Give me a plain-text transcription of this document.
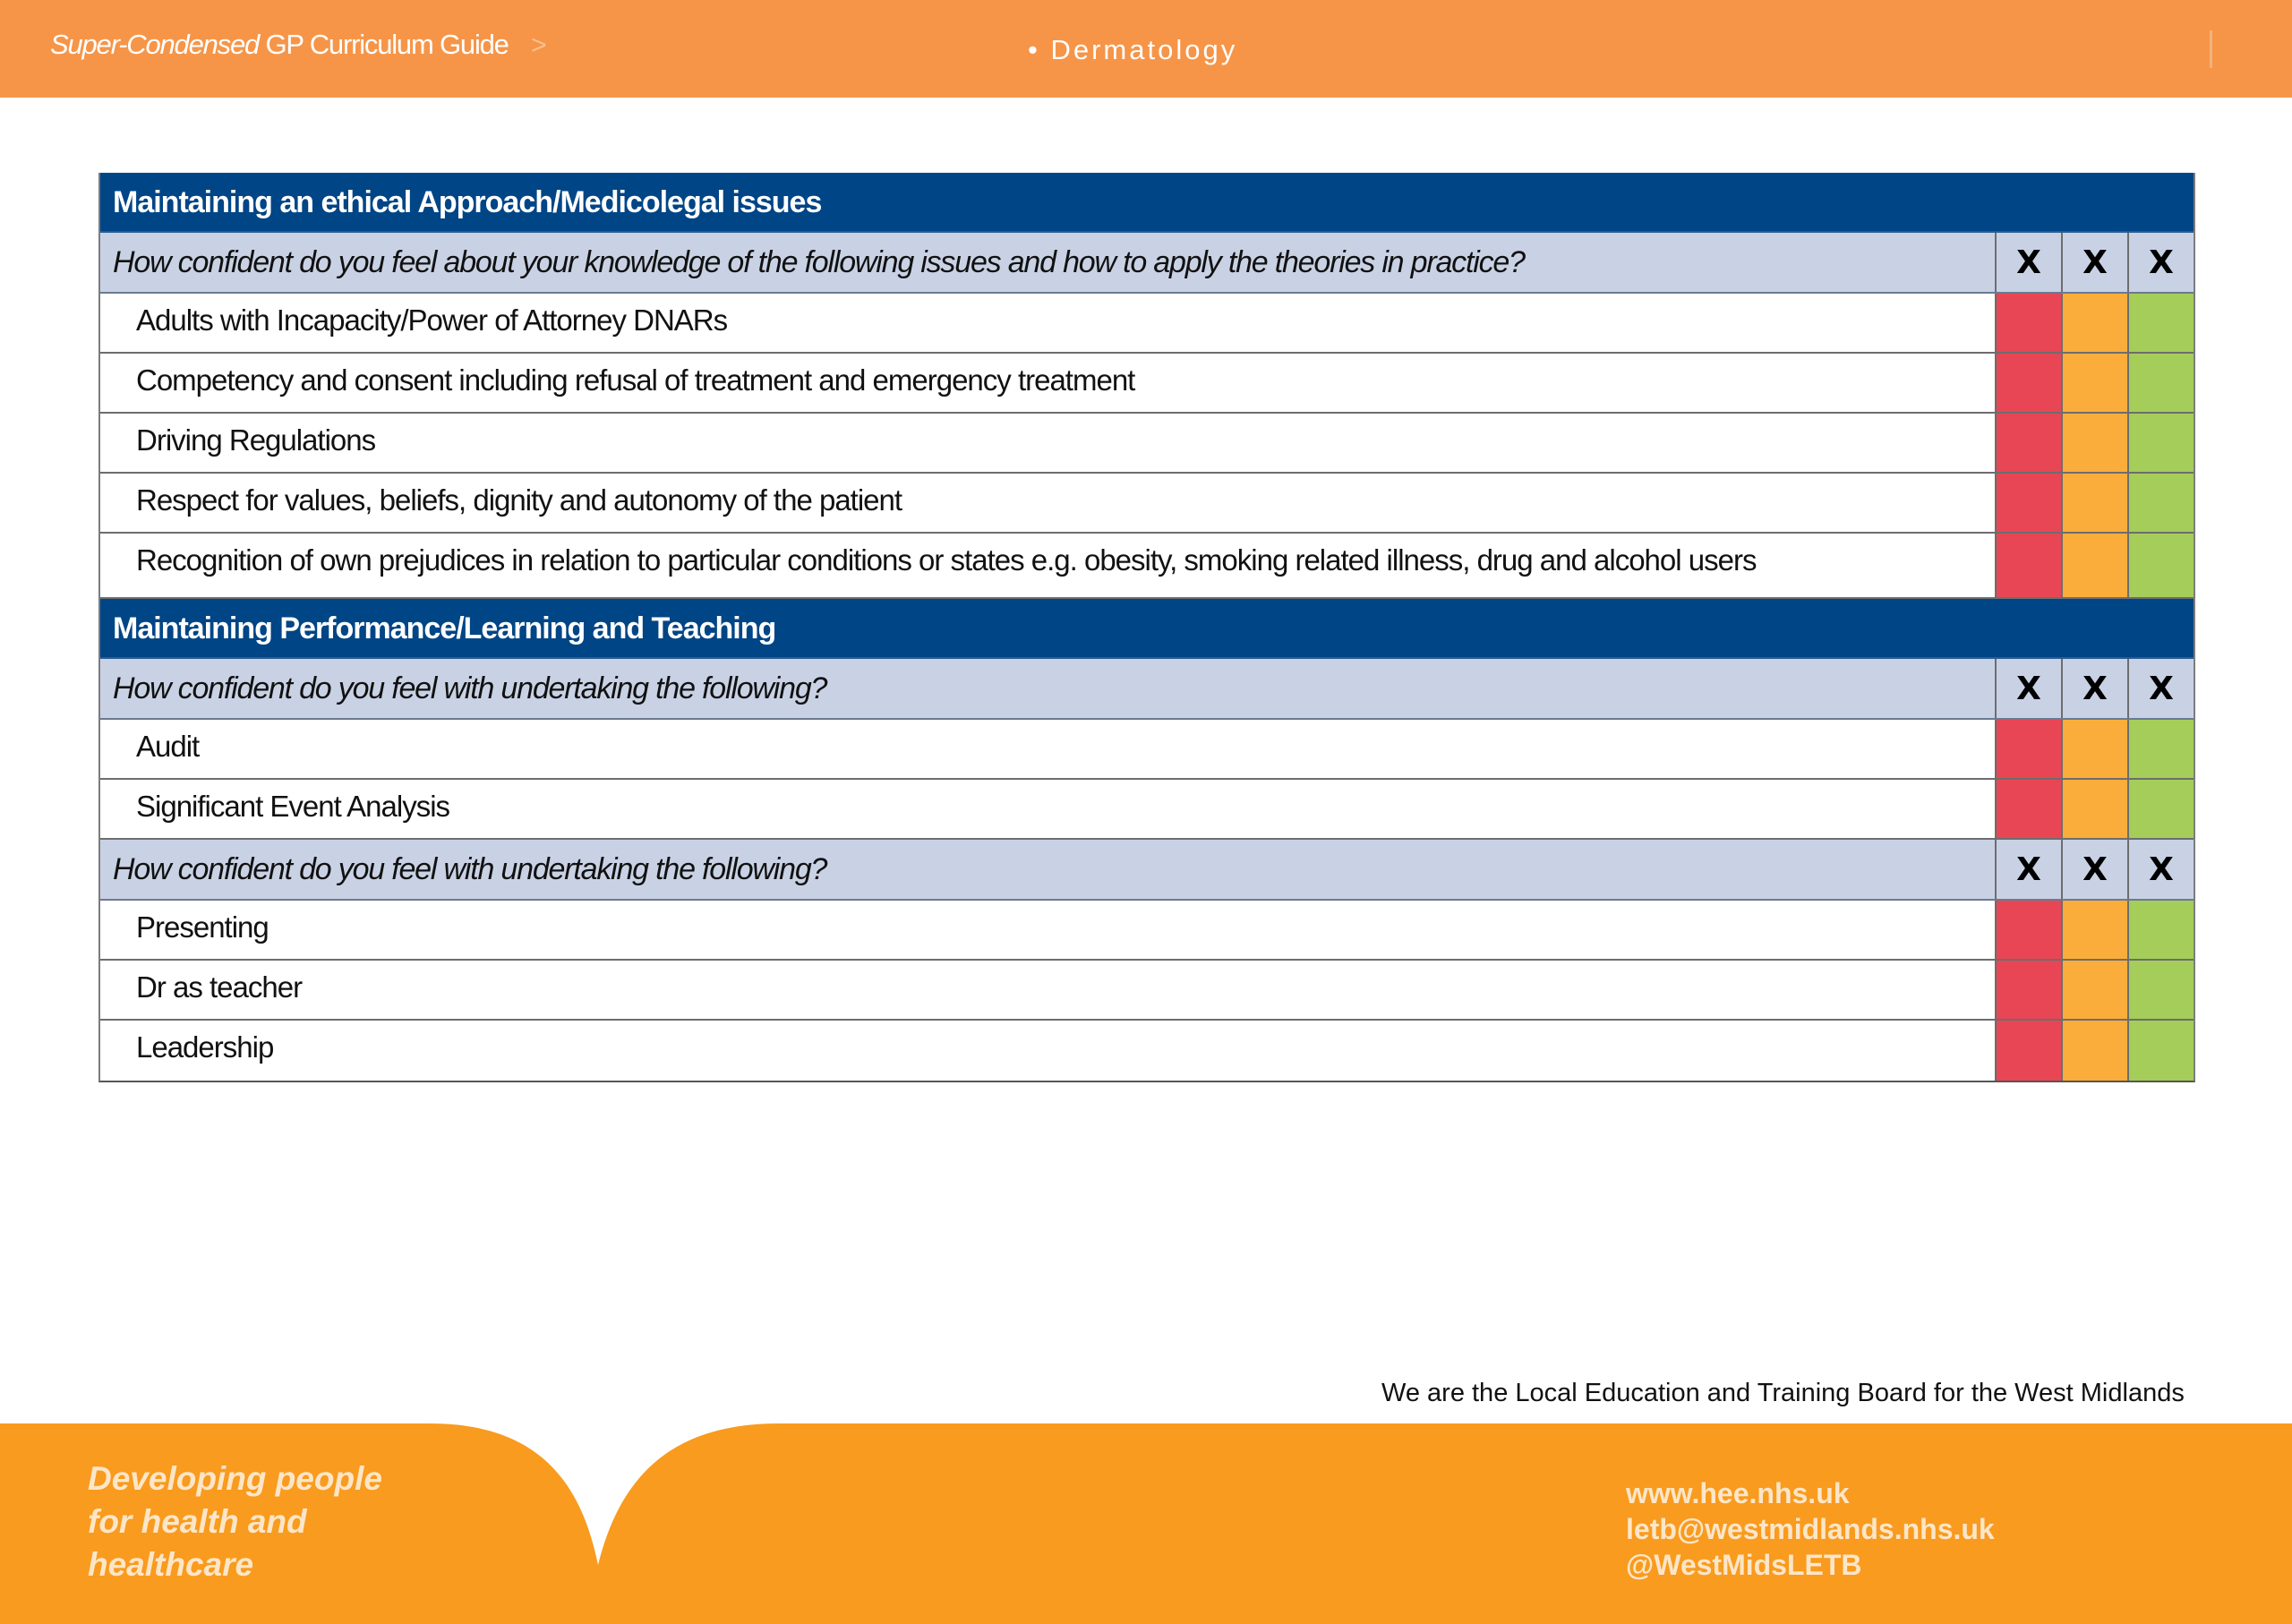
Super-Condensed GP Curriculum Guide >	• Dermatology
Maintaining an ethical Approach/Medicolegal issues
How confident do you feel about your knowledge of the following issues and how to apply the theories in practice?	X	X	X
Adults with Incapacity/Power of Attorney DNARs
Competency and consent including refusal of treatment and emergency treatment
Driving Regulations
Respect for values, beliefs, dignity and autonomy of the patient
Recognition of own prejudices in relation to particular conditions or states e.g. obesity, smoking related illness, drug and alcohol users
Maintaining Performance/Learning and Teaching
How confident do you feel with undertaking the following?	X	X	X
Audit
Significant Event Analysis
How confident do you feel with undertaking the following?	X	X	X
Presenting
Dr as teacher
Leadership
We are the Local Education and Training Board for the West Midlands
Developing people
for health and
healthcare
www.hee.nhs.uk
letb@westmidlands.nhs.uk
@WestMidsLETB
